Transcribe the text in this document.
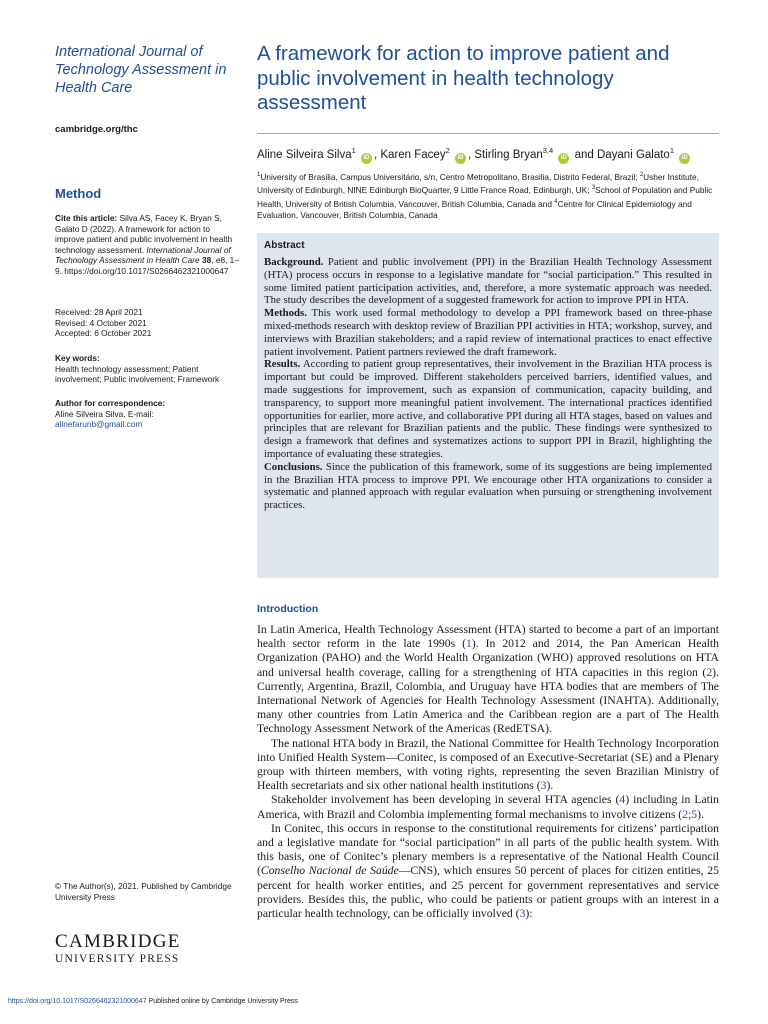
International Journal of Technology Assessment in Health Care
cambridge.org/thc
Method
Cite this article: Silva AS, Facey K, Bryan S, Galato D (2022). A framework for action to improve patient and public involvement in health technology assessment. International Journal of Technology Assessment in Health Care 38, e8, 1–9. https://doi.org/10.1017/S0266462321000647
Received: 28 April 2021
Revised: 4 October 2021
Accepted: 6 October 2021
Key words:
Health technology assessment; Patient involvement; Public involvement; Framework
Author for correspondence:
Aline Silveira Silva, E-mail: alinefarunb@gmail.com
© The Author(s), 2021. Published by Cambridge University Press
CAMBRIDGE
UNIVERSITY PRESS
A framework for action to improve patient and public involvement in health technology assessment
Aline Silveira Silva$^1$ iD , Karen Facey$^2$ iD , Stirling Bryan$^{3,4}$ iD and Dayani Galato$^1$ iD
$^1$University of Brasilia, Campus Universitário, s/n, Centro Metropolitano, Brasilia, Distrito Federal, Brazil; $^2$Usher Institute, University of Edinburgh, NINE Edinburgh BioQuarter, 9 Little France Road, Edinburgh, UK; $^3$School of Population and Public Health, University of British Columbia, Vancouver, British Columbia, Canada and $^4$Centre for Clinical Epidemiology and Evaluation, Vancouver, British Columbia, Canada
Abstract

Background. Patient and public involvement (PPI) in the Brazilian Health Technology Assessment (HTA) process occurs in response to a legislative mandate for “social participation.” This resulted in some limited patient participation activities, and, therefore, a more systematic approach was needed. The study describes the development of a suggested framework for action to improve PPI in HTA.

Methods. This work used formal methodology to develop a PPI framework based on three-phase mixed-methods research with desktop review of Brazilian PPI activities in HTA; workshop, survey, and interviews with Brazilian stakeholders; and a rapid review of international practices to enact effective patient involvement. Patient partners reviewed the draft framework.

Results. According to patient group representatives, their involvement in the Brazilian HTA process is important but could be improved. Different stakeholders perceived barriers, identified values, and made suggestions for improvement, such as expansion of communication, capacity building, and transparency, to support more meaningful patient involvement. The international practices identified opportunities for earlier, more active, and collaborative PPI during all HTA stages, based on values and principles that are relevant for Brazilian patients and the public. These findings were synthesized to design a framework that defines and systematizes actions to support PPI in Brazil, highlighting the importance of evaluating these strategies.

Conclusions. Since the publication of this framework, some of its suggestions are being implemented in the Brazilian HTA process to improve PPI. We encourage other HTA organizations to consider a systematic and planned approach with regular evaluation when pursuing or strengthening involvement practices.

Introduction

In Latin America, Health Technology Assessment (HTA) started to become a part of an important health sector reform in the late 1990s (1). In 2012 and 2014, the Pan American Health Organization (PAHO) and the World Health Organization (WHO) approved resolutions on HTA and universal health coverage, calling for a strengthening of HTA capacities in this region (2). Currently, Argentina, Brazil, Colombia, and Uruguay have HTA bodies that are members of The International Network of Agencies for Health Technology Assessment (INAHTA). Additionally, many other countries from Latin America and the Caribbean region are a part of The Health Technology Assessment Network of the Americas (RedETSA).

The national HTA body in Brazil, the National Committee for Health Technology Incorporation into Unified Health System—Conitec, is composed of an Executive-Secretariat (SE) and a Plenary group with thirteen members, with voting rights, representing the seven Brazilian Ministry of Health secretariats and six other national health institutions (3).

Stakeholder involvement has been developing in several HTA agencies (4) including in Latin America, with Brazil and Colombia implementing formal mechanisms to involve citizens (2;5).

In Conitec, this occurs in response to the constitutional requirements for citizens’ participation and a legislative mandate for “social participation” in all parts of the public health system. With this basis, one of Conitec’s plenary members is a representative of the National Health Council (Conselho Nacional de Saúde—CNS), which ensures 50 percent of places for citizen entities, 25 percent for health worker entities, and 25 percent for government representatives and service providers. Besides this, the public, who could be patients or patient groups with an interest in a particular health technology, can be officially involved (3):

https://doi.org/10.1017/S0266462321000647 Published online by Cambridge University Press
